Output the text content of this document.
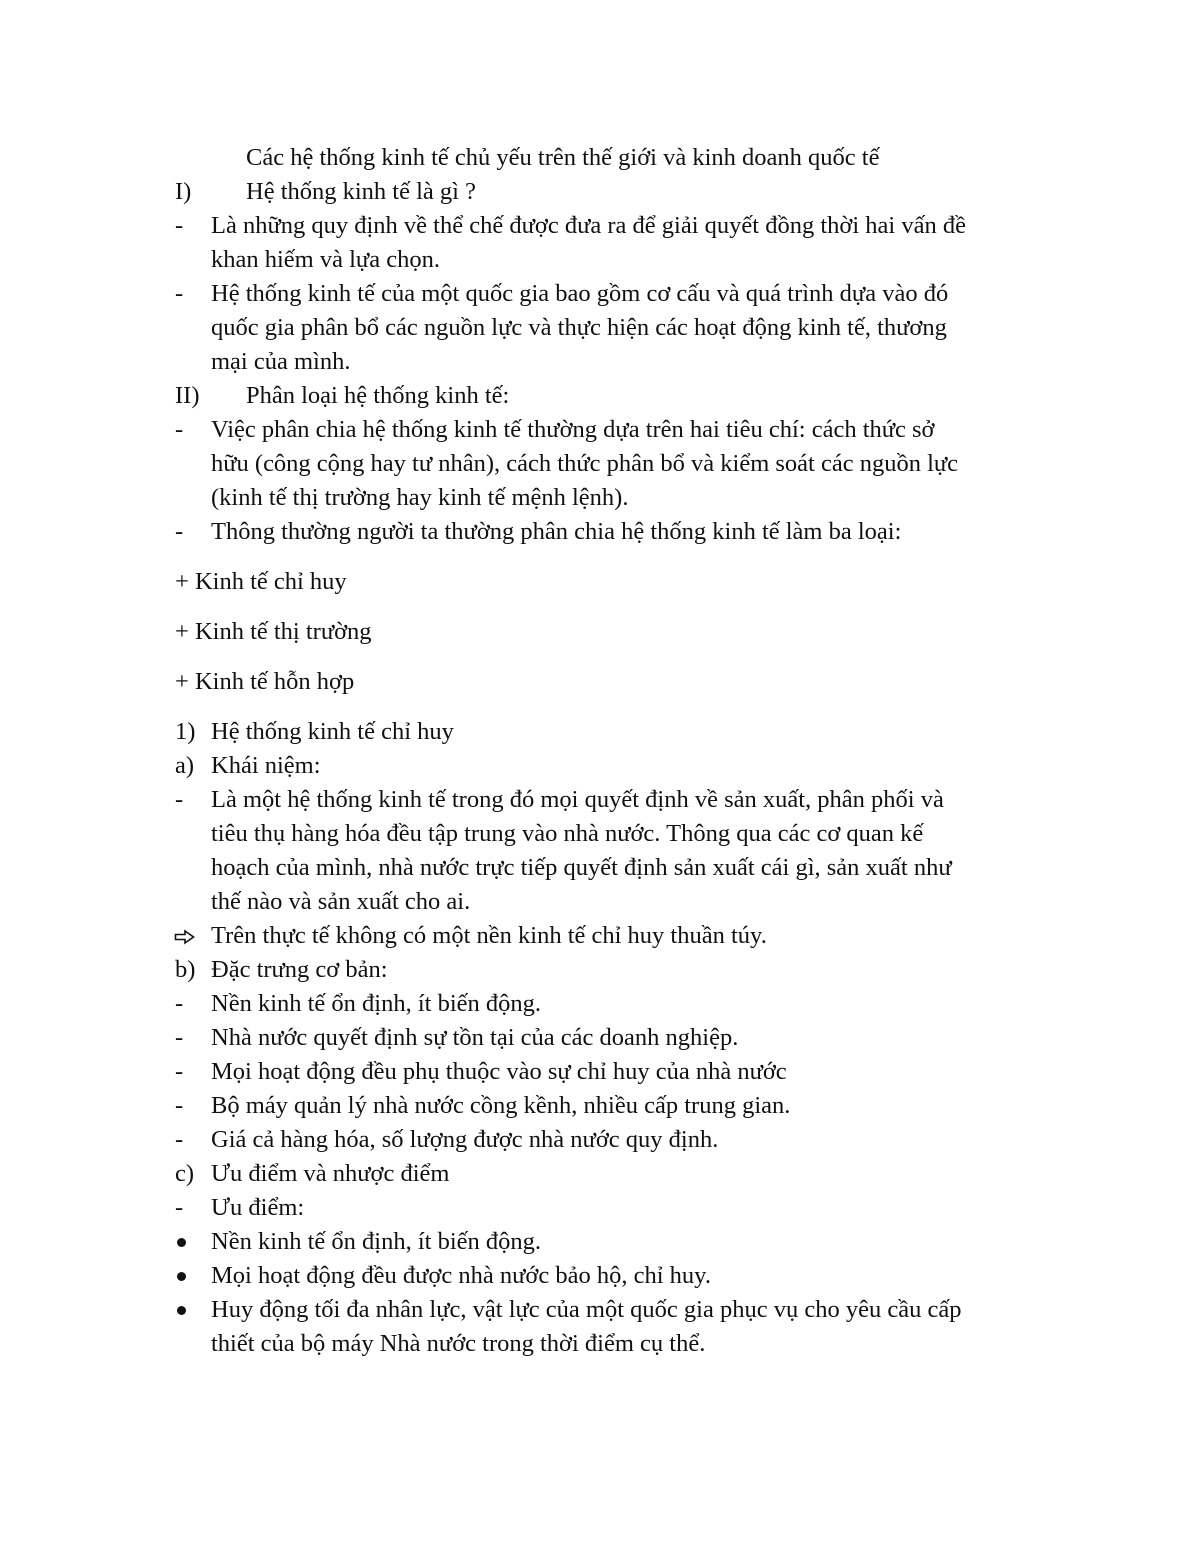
Các hệ thống kinh tế chủ yếu trên thế giới và kinh doanh quốc tế
I) Hệ thống kinh tế là gì ?
- Là những quy định về thể chế được đưa ra để giải quyết đồng thời hai vấn đề
khan hiếm và lựa chọn.
- Hệ thống kinh tế của một quốc gia bao gồm cơ cấu và quá trình dựa vào đó
quốc gia phân bổ các nguồn lực và thực hiện các hoạt động kinh tế, thương
mại của mình.
II) Phân loại hệ thống kinh tế:
- Việc phân chia hệ thống kinh tế thường dựa trên hai tiêu chí: cách thức sở
hữu (công cộng hay tư nhân), cách thức phân bổ và kiểm soát các nguồn lực
(kinh tế thị trường hay kinh tế mệnh lệnh).
- Thông thường người ta thường phân chia hệ thống kinh tế làm ba loại:
+ Kinh tế chỉ huy
+ Kinh tế thị trường
+ Kinh tế hỗn hợp
1) Hệ thống kinh tế chỉ huy
a) Khái niệm:
- Là một hệ thống kinh tế trong đó mọi quyết định về sản xuất, phân phối và
tiêu thụ hàng hóa đều tập trung vào nhà nước. Thông qua các cơ quan kế
hoạch của mình, nhà nước trực tiếp quyết định sản xuất cái gì, sản xuất như
thế nào và sản xuất cho ai.
Trên thực tế không có một nền kinh tế chỉ huy thuần túy.
b) Đặc trưng cơ bản:
- Nền kinh tế ổn định, ít biến động.
- Nhà nước quyết định sự tồn tại của các doanh nghiệp.
- Mọi hoạt động đều phụ thuộc vào sự chỉ huy của nhà nước
- Bộ máy quản lý nhà nước cồng kềnh, nhiều cấp trung gian.
- Giá cả hàng hóa, số lượng được nhà nước quy định.
c) Ưu điểm và nhược điểm
- Ưu điểm:
Nền kinh tế ổn định, ít biến động.
Mọi hoạt động đều được nhà nước bảo hộ, chỉ huy.
Huy động tối đa nhân lực, vật lực của một quốc gia phục vụ cho yêu cầu cấp
thiết của bộ máy Nhà nước trong thời điểm cụ thể.
